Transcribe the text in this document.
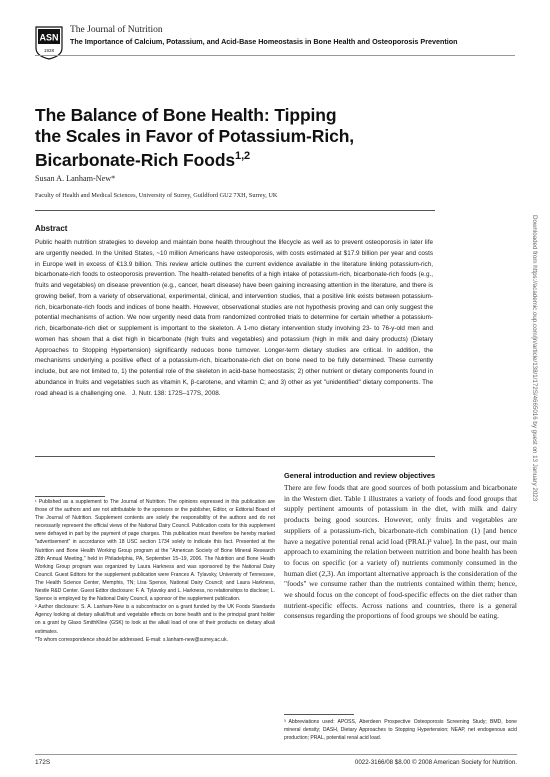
ASN
1928
The Journal of Nutrition
The Importance of Calcium, Potassium, and Acid-Base Homeostasis in Bone Health and Osteoporosis Prevention
The Balance of Bone Health: Tipping the Scales in Favor of Potassium-Rich, Bicarbonate-Rich Foods$^{1,2}$
Susan A. Lanham-New*
Faculty of Health and Medical Sciences, University of Surrey, Guildford GU2 7XH, Surrey, UK
Abstract
Public health nutrition strategies to develop and maintain bone health throughout the lifecycle as well as to prevent osteoporosis in later life are urgently needed. In the United States, ~10 million Americans have osteoporosis, with costs estimated at $17.9 billion per year and costs in Europe well in excess of €13.9 billion. This review article outlines the current evidence available in the literature linking potassium-rich, bicarbonate-rich foods to osteoporosis prevention. The health-related benefits of a high intake of potassium-rich, bicarbonate-rich foods (e.g., fruits and vegetables) on disease prevention (e.g., cancer, heart disease) have been gaining increasing attention in the literature, and there is growing belief, from a variety of observational, experimental, clinical, and intervention studies, that a positive link exists between potassium-rich, bicarbonate-rich foods and indices of bone health. However, observational studies are not hypothesis proving and can only suggest the potential mechanisms of action. We now urgently need data from randomized controlled trials to determine for certain whether a potassium-rich, bicarbonate-rich diet or supplement is important to the skeleton. A 1-mo dietary intervention study involving 23- to 76-y-old men and women has shown that a diet high in bicarbonate (high fruits and vegetables) and potassium (high in milk and dairy products) (Dietary Approaches to Stopping Hypertension) significantly reduces bone turnover. Longer-term dietary studies are critical. In addition, the mechanisms underlying a positive effect of a potassium-rich, bicarbonate-rich diet on bone need to be fully determined. These currently include, but are not limited to, 1) the potential role of the skeleton in acid-base homeostasis; 2) other nutrient or dietary components found in abundance in fruits and vegetables such as vitamin K, β-carotene, and vitamin C; and 3) other as yet "unidentified" dietary components. The road ahead is a challenging one. J. Nutr. 138: 172S–177S, 2008.	Downloaded from https://academic.oup.com/jn/article/138/1/172S/4665016 by guest on 13 January 2023

¹ Published as a supplement to The Journal of Nutrition. The opinions expressed in this publication are those of the authors and are not attributable to the sponsors or the publisher, Editor, or Editorial Board of The Journal of Nutrition. Supplement contents are solely the responsibility of the authors and do not necessarily represent the official views of the National Dairy Council. Publication costs for this supplement were defrayed in part by the payment of page charges. This publication must therefore be hereby marked "advertisement" in accordance with 18 USC section 1734 solely to indicate this fact. Presented at the Nutrition and Bone Health Working Group program at the "American Society of Bone Mineral Research 28th Annual Meeting," held in Philadelphia, PA, September 15–19, 2006. The Nutrition and Bone Health Working Group program was organized by Laura Harkness and was sponsored by the National Dairy Council. Guest Editors for the supplement publication were Frances A. Tylavsky, University of Tennessee, The Health Science Center, Memphis, TN; Lisa Spence, National Dairy Council; and Laura Harkness, Nestle R&D Center. Guest Editor disclosure: F. A. Tylavsky and L. Harkness, no relationships to disclose; L. Spence is employed by the National Dairy Council, a sponsor of the supplement publication.

² Author disclosure: S. A. Lanham-New is a subcontractor on a grant funded by the UK Foods Standards Agency looking at dietary alkali/fruit and vegetable effects on bone health and is the principal grant holder on a grant by Glaxo SmithKline (GSK) to look at the alkali load of one of their products on dietary alkali estimates.

*To whom correspondence should be addressed. E-mail: s.lanham-new@surrey.ac.uk.

General introduction and review objectives

There are few foods that are good sources of both potassium and bicarbonate in the Western diet. Table 1 illustrates a variety of foods and food groups that supply pertinent amounts of potassium in the diet, with milk and dairy products being good sources. However, only fruits and vegetables are suppliers of a potassium-rich, bicarbonate-rich combination (1) [and hence have a negative potential renal acid load (PRAL)³ value]. In the past, our main approach to examining the relation between nutrition and bone health has been to focus on specific (or a variety of) nutrients commonly consumed in the human diet (2,3). An important alternative approach is the consideration of the "foods" we consume rather than the nutrients contained within them; hence, we should focus on the concept of food-specific effects on the diet rather than nutrient-specific effects. Across nations and countries, there is a general consensus regarding the proportions of food groups we should be eating.

³ Abbreviations used: APOSS, Aberdeen Prospective Osteoporosis Screening Study; BMD, bone mineral density; DASH, Dietary Approaches to Stopping Hypertension; NEAP, net endogenous acid production; PRAL, potential renal acid load.
172S	0022-3166/08 $8.00 © 2008 American Society for Nutrition.
